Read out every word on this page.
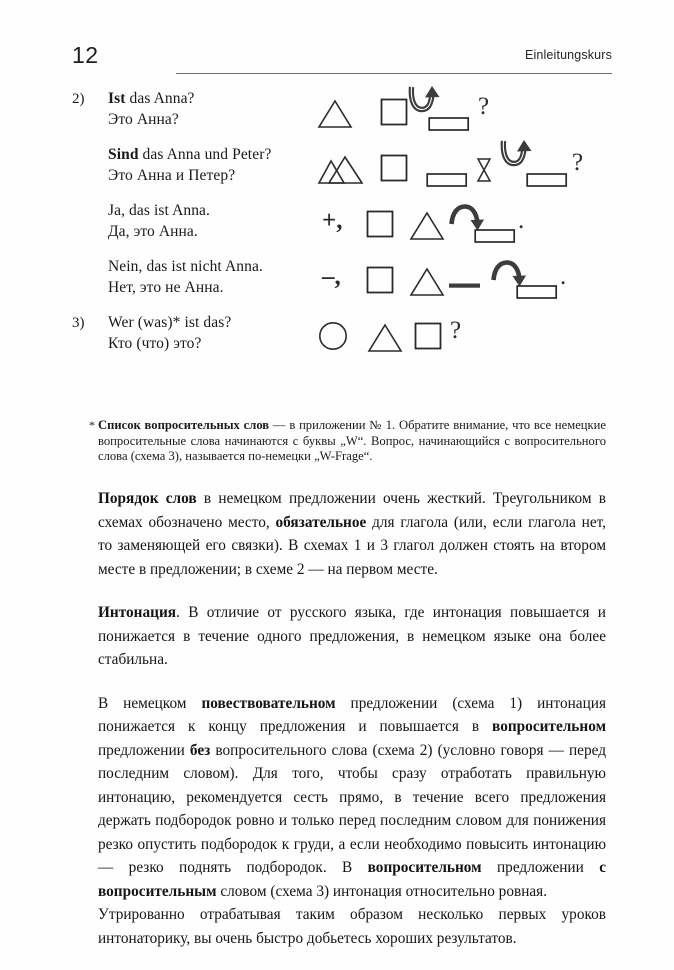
12	Einleitungskurs
2)	Ist das Anna?
Это Анна?	?
Sind das Anna und Peter?
Это Анна и Петер?	?
Ja, das ist Anna.
Да, это Анна.	+,	.
Nein, das ist nicht Anna.
Нет, это не Анна.	–,	.
3)	Wer (was)* ist das?
Кто (что) это?	?
* Список вопросительных слов — в приложении № 1. Обратите внимание, что все немецкие вопросительные слова начинаются с буквы „W“. Вопрос, начинающийся с вопросительного слова (схема 3), называется по-немецки „W-Frage“.

Порядок слов в немецком предложении очень жесткий. Треугольником в схемах обозначено место, обязательное для глагола (или, если глагола нет, то заменяющей его связки). В схемах 1 и 3 глагол должен стоять на втором месте в предложении; в схеме 2 — на первом месте.

Интонация. В отличие от русского языка, где интонация повышается и понижается в течение одного предложения, в немецком языке она более стабильна.

В немецком повествовательном предложении (схема 1) интонация понижается к концу предложения и повышается в вопросительном предложении без вопросительного слова (схема 2) (условно говоря — перед последним словом). Для того, чтобы сразу отработать правильную интонацию, рекомендуется сесть прямо, в течение всего предложения держать подбородок ровно и только перед последним словом для понижения резко опустить подбородок к груди, а если необходимо повысить интонацию — резко поднять подбородок. В вопросительном предложении с вопросительным словом (схема 3) интонация относительно ровная.

Утрированно отрабатывая таким образом несколько первых уроков интонаторику, вы очень быстро добьетесь хороших результатов.
